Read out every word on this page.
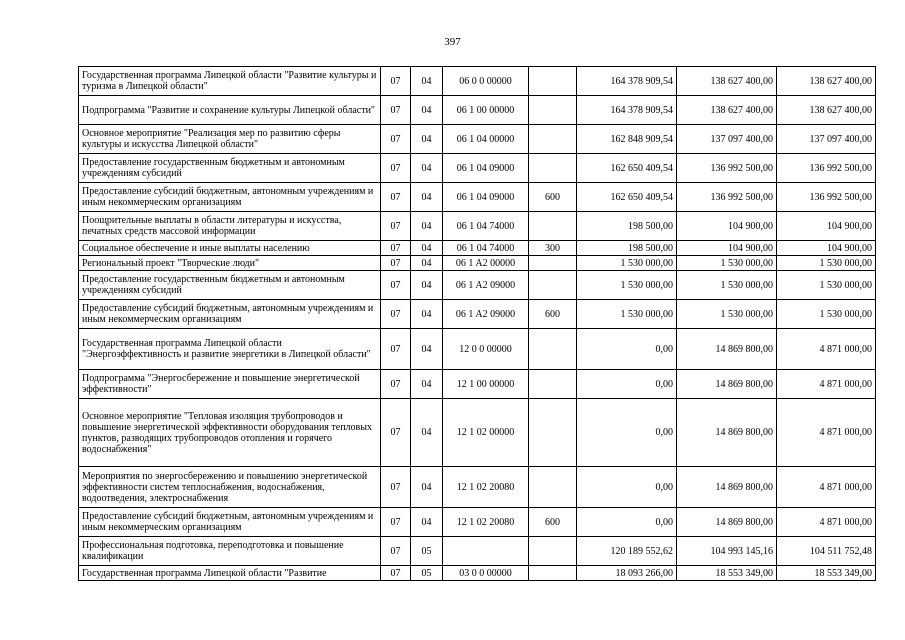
397
Государственная программа Липецкой области "Развитие культуры и туризма в Липецкой области"	07	04	06 0 0 00000		164 378 909,54	138 627 400,00	138 627 400,00
Подпрограмма "Развитие и сохранение культуры Липецкой области"	07	04	06 1 00 00000		164 378 909,54	138 627 400,00	138 627 400,00
Основное мероприятие "Реализация мер по развитию сферы культуры и искусства Липецкой области"	07	04	06 1 04 00000		162 848 909,54	137 097 400,00	137 097 400,00
Предоставление государственным бюджетным и автономным учреждениям субсидий	07	04	06 1 04 09000		162 650 409,54	136 992 500,00	136 992 500,00
Предоставление субсидий бюджетным, автономным учреждениям и иным некоммерческим организациям	07	04	06 1 04 09000	600	162 650 409,54	136 992 500,00	136 992 500,00
Поощрительные выплаты в области литературы и искусства, печатных средств массовой информации	07	04	06 1 04 74000		198 500,00	104 900,00	104 900,00
Социальное обеспечение и иные выплаты населению	07	04	06 1 04 74000	300	198 500,00	104 900,00	104 900,00
Региональный проект "Творческие люди"	07	04	06 1 A2 00000		1 530 000,00	1 530 000,00	1 530 000,00
Предоставление государственным бюджетным и автономным учреждениям субсидий	07	04	06 1 A2 09000		1 530 000,00	1 530 000,00	1 530 000,00
Предоставление субсидий бюджетным, автономным учреждениям и иным некоммерческим организациям	07	04	06 1 A2 09000	600	1 530 000,00	1 530 000,00	1 530 000,00
Государственная программа Липецкой области "Энергоэффективность и развитие энергетики в Липецкой области"	07	04	12 0 0 00000		0,00	14 869 800,00	4 871 000,00
Подпрограмма "Энергосбережение и повышение энергетической эффективности"	07	04	12 1 00 00000		0,00	14 869 800,00	4 871 000,00
Основное мероприятие "Тепловая изоляция трубопроводов и повышение энергетической эффективности оборудования тепловых пунктов, разводящих трубопроводов отопления и горячего водоснабжения"	07	04	12 1 02 00000		0,00	14 869 800,00	4 871 000,00
Мероприятия по энергосбережению и повышению энергетической эффективности систем теплоснабжения, водоснабжения, водоотведения, электроснабжения	07	04	12 1 02 20080		0,00	14 869 800,00	4 871 000,00
Предоставление субсидий бюджетным, автономным учреждениям и иным некоммерческим организациям	07	04	12 1 02 20080	600	0,00	14 869 800,00	4 871 000,00
Профессиональная подготовка, переподготовка и повышение квалификации	07	05			120 189 552,62	104 993 145,16	104 511 752,48
Государственная программа Липецкой области "Развитие	07	05	03 0 0 00000		18 093 266,00	18 553 349,00	18 553 349,00
